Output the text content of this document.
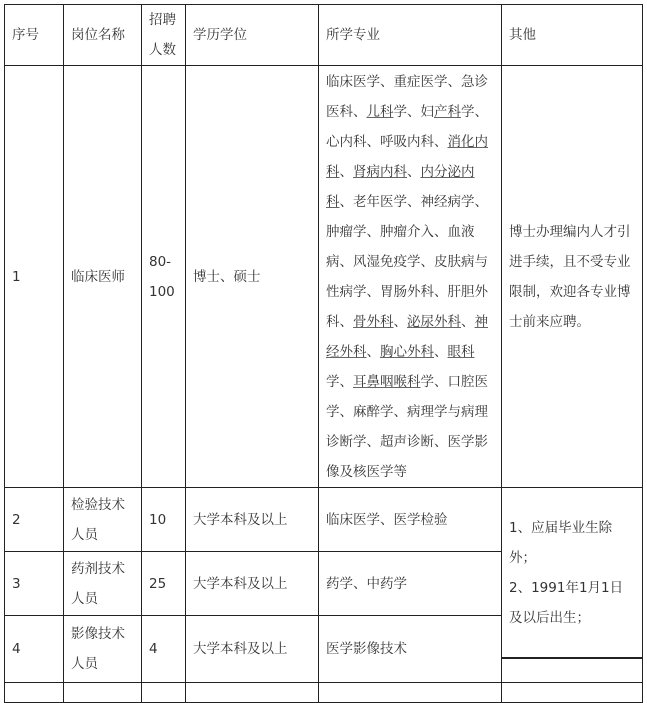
序号	岗位名称	招聘人数	学历学位	所学专业	其他
1	临床医师	80-100	博士、硕士	临床医学、重症医学、急诊医科、儿科学、妇产科学、心内科、呼吸内科、消化内科、肾病内科、内分泌内科、老年医学、神经病学、肿瘤学、肿瘤介入、血液病、风湿免疫学、皮肤病与性病学、胃肠外科、肝胆外科、骨外科、泌尿外科、神经外科、胸心外科、眼科学、耳鼻咽喉科学、口腔医学、麻醉学、病理学与病理诊断学、超声诊断、医学影像及核医学等	博士办理编内人才引进手续，且不受专业限制，欢迎各专业博士前来应聘。
2	检验技术人员	10	大学本科及以上	临床医学、医学检验	1、应届毕业生除外；
2、1991年1月1日及以后出生；

3	药剂技术人员	25	大学本科及以上	药学、中药学	
4	影像技术人员	4	大学本科及以上	医学影像技术	
